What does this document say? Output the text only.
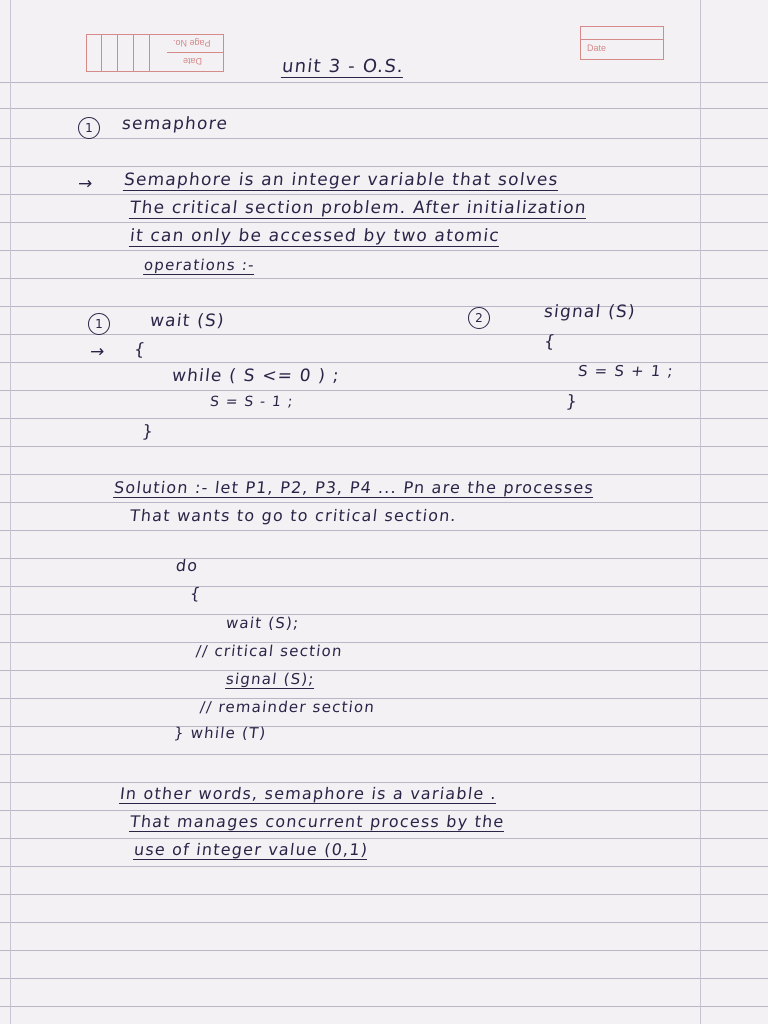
Page No.
Date
Date
unit 3 - O.S.
1	semaphore
→ Semaphore is an integer variable that solves
The critical section problem. After initialization
it can only be accessed by two atomic
operations :-
1	wait (S)
→ {
while ( S <= 0 ) ;
S = S - 1 ;
}
2	signal (S)
{
S = S + 1 ;
}
Solution :- let P1, P2, P3, P4 ... Pn are the processes
That wants to go to critical section.
do
{
wait (S);
// critical section
signal (S);
// remainder section
} while (T)
In other words, semaphore is a variable .
That manages concurrent process by the
use of integer value (0,1)
